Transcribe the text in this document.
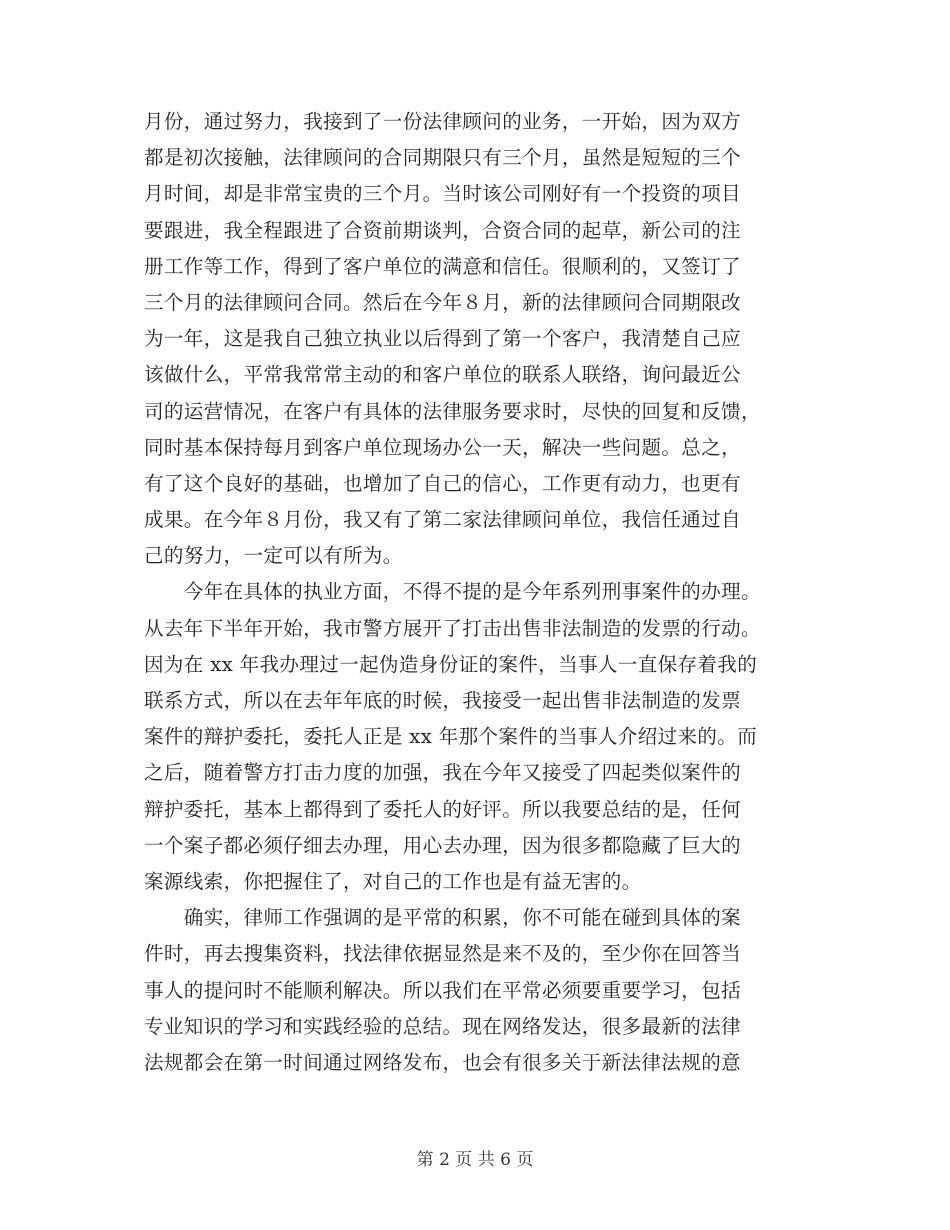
月份，通过努力，我接到了一份法律顾问的业务，一开始，因为双方
都是初次接触，法律顾问的合同期限只有三个月，虽然是短短的三个
月时间，却是非常宝贵的三个月。当时该公司刚好有一个投资的项目
要跟进，我全程跟进了合资前期谈判，合资合同的起草，新公司的注
册工作等工作，得到了客户单位的满意和信任。很顺利的，又签订了
三个月的法律顾问合同。然后在今年８月，新的法律顾问合同期限改
为一年，这是我自己独立执业以后得到了第一个客户，我清楚自己应
该做什么，平常我常常主动的和客户单位的联系人联络，询问最近公
司的运营情况，在客户有具体的法律服务要求时，尽快的回复和反馈，
同时基本保持每月到客户单位现场办公一天，解决一些问题。总之，
有了这个良好的基础，也增加了自己的信心，工作更有动力，也更有
成果。在今年８月份，我又有了第二家法律顾问单位，我信任通过自
己的努力，一定可以有所为。
　　今年在具体的执业方面，不得不提的是今年系列刑事案件的办理。
从去年下半年开始，我市警方展开了打击出售非法制造的发票的行动。
因为在 xx 年我办理过一起伪造身份证的案件，当事人一直保存着我的
联系方式，所以在去年年底的时候，我接受一起出售非法制造的发票
案件的辩护委托，委托人正是 xx 年那个案件的当事人介绍过来的。而
之后，随着警方打击力度的加强，我在今年又接受了四起类似案件的
辩护委托，基本上都得到了委托人的好评。所以我要总结的是，任何
一个案子都必须仔细去办理，用心去办理，因为很多都隐藏了巨大的
案源线索，你把握住了，对自己的工作也是有益无害的。
　　确实，律师工作强调的是平常的积累，你不可能在碰到具体的案
件时，再去搜集资料，找法律依据显然是来不及的，至少你在回答当
事人的提问时不能顺利解决。所以我们在平常必须要重要学习，包括
专业知识的学习和实践经验的总结。现在网络发达，很多最新的法律
法规都会在第一时间通过网络发布，也会有很多关于新法律法规的意
第 2 页 共 6 页
